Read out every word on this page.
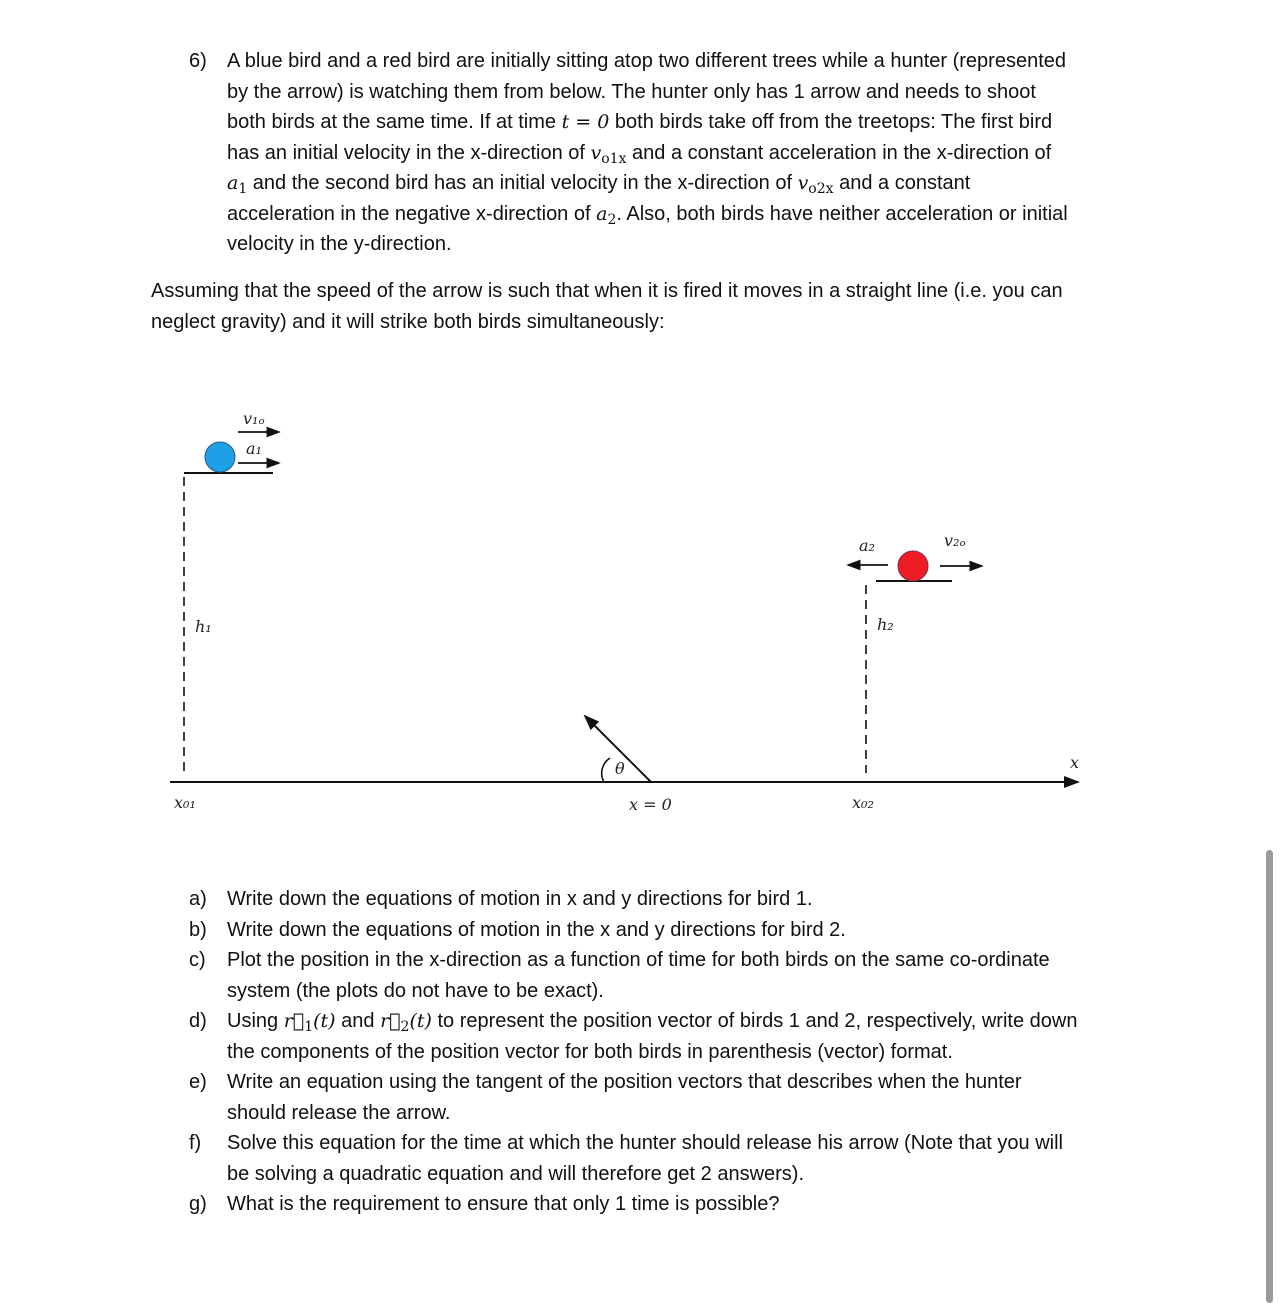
6) A blue bird and a red bird are initially sitting atop two different trees while a hunter (represented
by the arrow) is watching them from below. The hunter only has 1 arrow and needs to shoot
both birds at the same time. If at time t = 0 both birds take off from the treetops: The first bird
has an initial velocity in the x-direction of $v_{o1x}$ and a constant acceleration in the x-direction of
$a_1$ and the second bird has an initial velocity in the x-direction of $v_{o2x}$ and a constant
acceleration in the negative x-direction of $a_2$. Also, both birds have neither acceleration or initial
velocity in the y-direction.
Assuming that the speed of the arrow is such that when it is fired it moves in a straight line (i.e. you can
neglect gravity) and it will strike both birds simultaneously:
v₁ₒ
a₁
h₁
a₂	v₂ₒ
h₂
θ
x = 0
x₀₁	x₀₂
x
a) Write down the equations of motion in x and y directions for bird 1.
b) Write down the equations of motion in the x and y directions for bird 2.
c) Plot the position in the x-direction as a function of time for both birds on the same co-ordinate
system (the plots do not have to be exact).
d) Using $r⃗_1(t)$ and $r⃗_2(t)$ to represent the position vector of birds 1 and 2, respectively, write down
the components of the position vector for both birds in parenthesis (vector) format.
e) Write an equation using the tangent of the position vectors that describes when the hunter
should release the arrow.
f) Solve this equation for the time at which the hunter should release his arrow (Note that you will
be solving a quadratic equation and will therefore get 2 answers).
g) What is the requirement to ensure that only 1 time is possible?
